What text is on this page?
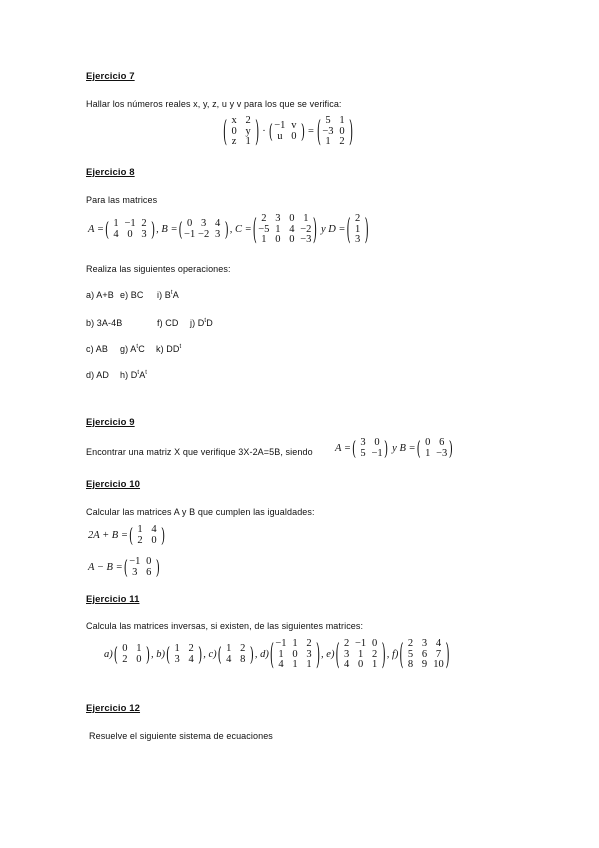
Ejercicio 7
Hallar los números reales x, y, z, u y v para los que se verifica:
( x
0
z
2
y
1 ) · ( −1
u
v
0 ) = ( 5
−3
1
1
0
2 )
Ejercicio 8
Para las matrices
A = ( 1
4
−1
0
2
3 ) , B = ( 0
−1
3
−2
4
3 ) , C = ( 2
−5
1
3
1
0
0
4
0
1
−2
−3 ) y D = ( 2
1
3 )
Realiza las siguientes operaciones:
a) A+B e) BC i) $B^tA$
b) 3A-4B	f) CD j) $D^tD$
c) AB g) $A^tC$ k) $DD^t$
d) AD h) $D^tA^t$
Ejercicio 9
Encontrar una matriz X que verifique 3X-2A=5B, siendo A = ( 3
5
0
−1 ) y B = ( 0
1
6
−3 )
Ejercicio 10
Calcular las matrices A y B que cumplen las igualdades:
2A + B = ( 1
2
4
0 )
A − B = ( −1
3
0
6 )
Ejercicio 11
Calcula las matrices inversas, si existen, de las siguientes matrices:
a) ( 0
2
1
0 ) , b) ( 1
3
2
4 ) , c) ( 1
4
2
8 ) , d) ( −1
1
4
1
0
1
2
3
1 ) , e) ( 2
3
4
−1
1
0
0
2
1 ) , f) ( 2
5
8
3
6
9
4
7
10 )
Ejercicio 12
Resuelve el siguiente sistema de ecuaciones
